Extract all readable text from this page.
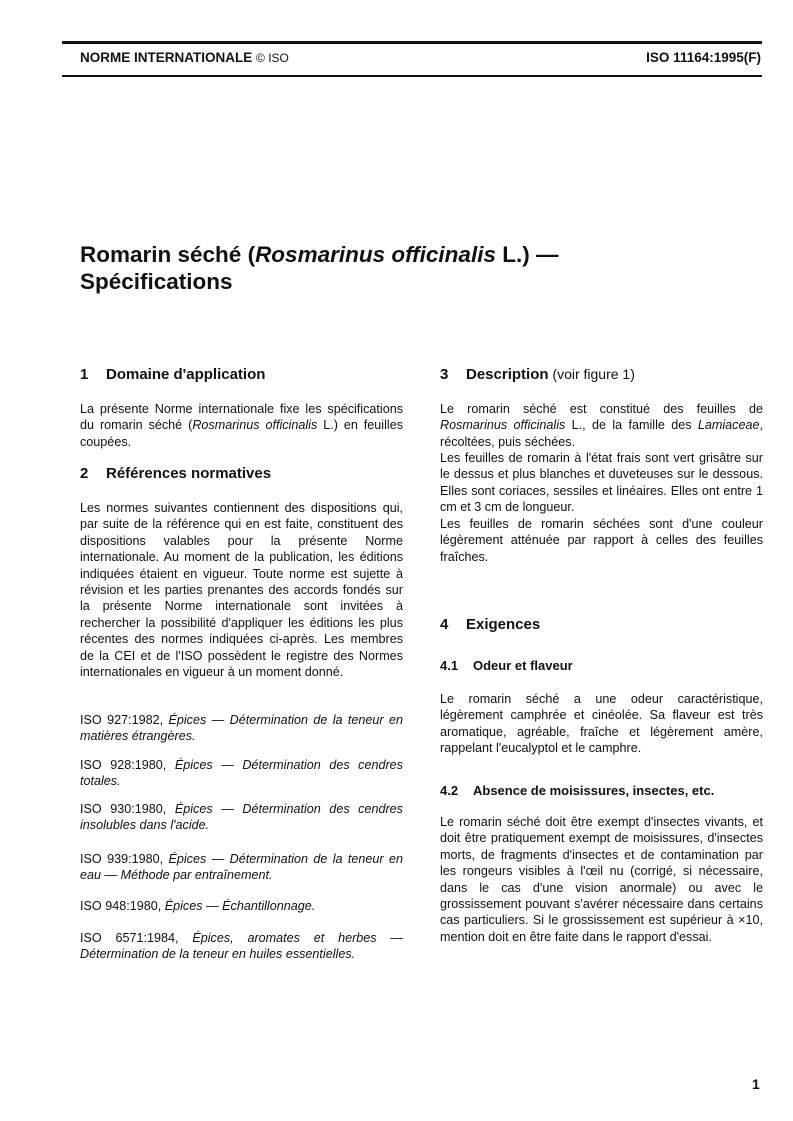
NORME INTERNATIONALE © ISO	ISO 11164:1995(F)
Romarin séché (Rosmarinus officinalis L.) —
Spécifications
1 Domaine d'application
La présente Norme internationale fixe les spécifications du romarin séché (Rosmarinus officinalis L.) en feuilles coupées.
2 Références normatives
Les normes suivantes contiennent des dispositions qui, par suite de la référence qui en est faite, constituent des dispositions valables pour la présente Norme internationale. Au moment de la publication, les éditions indiquées étaient en vigueur. Toute norme est sujette à révision et les parties prenantes des accords fondés sur la présente Norme internationale sont invitées à rechercher la possibilité d'appliquer les éditions les plus récentes des normes indiquées ci-après. Les membres de la CEI et de l'ISO possèdent le registre des Normes internationales en vigueur à un moment donné.
ISO 927:1982, Épices — Détermination de la teneur en matières étrangères.
ISO 928:1980, Épices — Détermination des cendres totales.
ISO 930:1980, Épices — Détermination des cendres insolubles dans l'acide.
ISO 939:1980, Épices — Détermination de la teneur en eau — Méthode par entraînement.
ISO 948:1980, Épices — Échantillonnage.
ISO 6571:1984, Épices, aromates et herbes — Détermination de la teneur en huiles essentielles.
3 Description (voir figure 1)
Le romarin séché est constitué des feuilles de Rosmarinus officinalis L., de la famille des Lamiaceae, récoltées, puis séchées.
Les feuilles de romarin à l'état frais sont vert grisâtre sur le dessus et plus blanches et duveteuses sur le dessous. Elles sont coriaces, sessiles et linéaires. Elles ont entre 1 cm et 3 cm de longueur.
Les feuilles de romarin séchées sont d'une couleur légèrement atténuée par rapport à celles des feuilles fraîches.
4 Exigences
4.1 Odeur et flaveur
Le romarin séché a une odeur caractéristique, légèrement camphrée et cinéolée. Sa flaveur est très aromatique, agréable, fraîche et légèrement amère, rappelant l'eucalyptol et le camphre.
4.2 Absence de moisissures, insectes, etc.
Le romarin séché doit être exempt d'insectes vivants, et doit être pratiquement exempt de moisissures, d'insectes morts, de fragments d'insectes et de contamination par les rongeurs visibles à l'œil nu (corrigé, si nécessaire, dans le cas d'une vision anormale) ou avec le grossissement pouvant s'avérer nécessaire dans certains cas particuliers. Si le grossissement est supérieur à ×10, mention doit en être faite dans le rapport d'essai.
1
